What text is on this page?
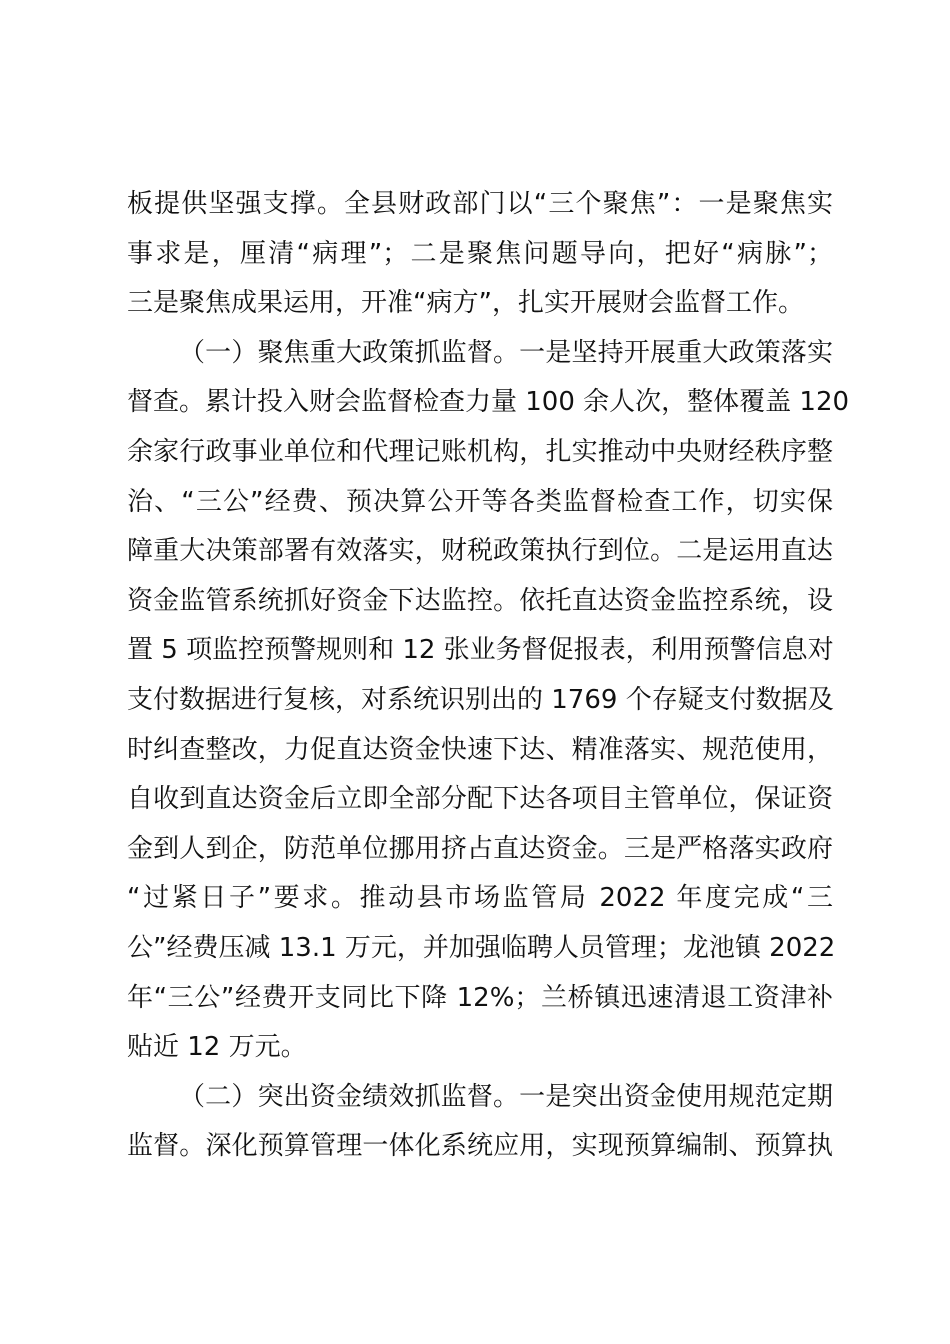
板提供坚强支撑。全县财政部门以“三个聚焦”：一是聚焦实
事求是，厘清“病理”；二是聚焦问题导向，把好“病脉”；
三是聚焦成果运用，开准“病方”，扎实开展财会监督工作。
（一）聚焦重大政策抓监督。一是坚持开展重大政策落实
督查。累计投入财会监督检查力量 100 余人次，整体覆盖 120
余家行政事业单位和代理记账机构，扎实推动中央财经秩序整
治、“三公”经费、预决算公开等各类监督检查工作，切实保
障重大决策部署有效落实，财税政策执行到位。二是运用直达
资金监管系统抓好资金下达监控。依托直达资金监控系统，设
置 5 项监控预警规则和 12 张业务督促报表，利用预警信息对
支付数据进行复核，对系统识别出的 1769 个存疑支付数据及
时纠查整改，力促直达资金快速下达、精准落实、规范使用，
自收到直达资金后立即全部分配下达各项目主管单位，保证资
金到人到企，防范单位挪用挤占直达资金。三是严格落实政府
“过紧日子”要求。推动县市场监管局 2022 年度完成“三
公”经费压减 13.1 万元，并加强临聘人员管理；龙池镇 2022
年“三公”经费开支同比下降 12%；兰桥镇迅速清退工资津补
贴近 12 万元。
（二）突出资金绩效抓监督。一是突出资金使用规范定期
监督。深化预算管理一体化系统应用，实现预算编制、预算执
